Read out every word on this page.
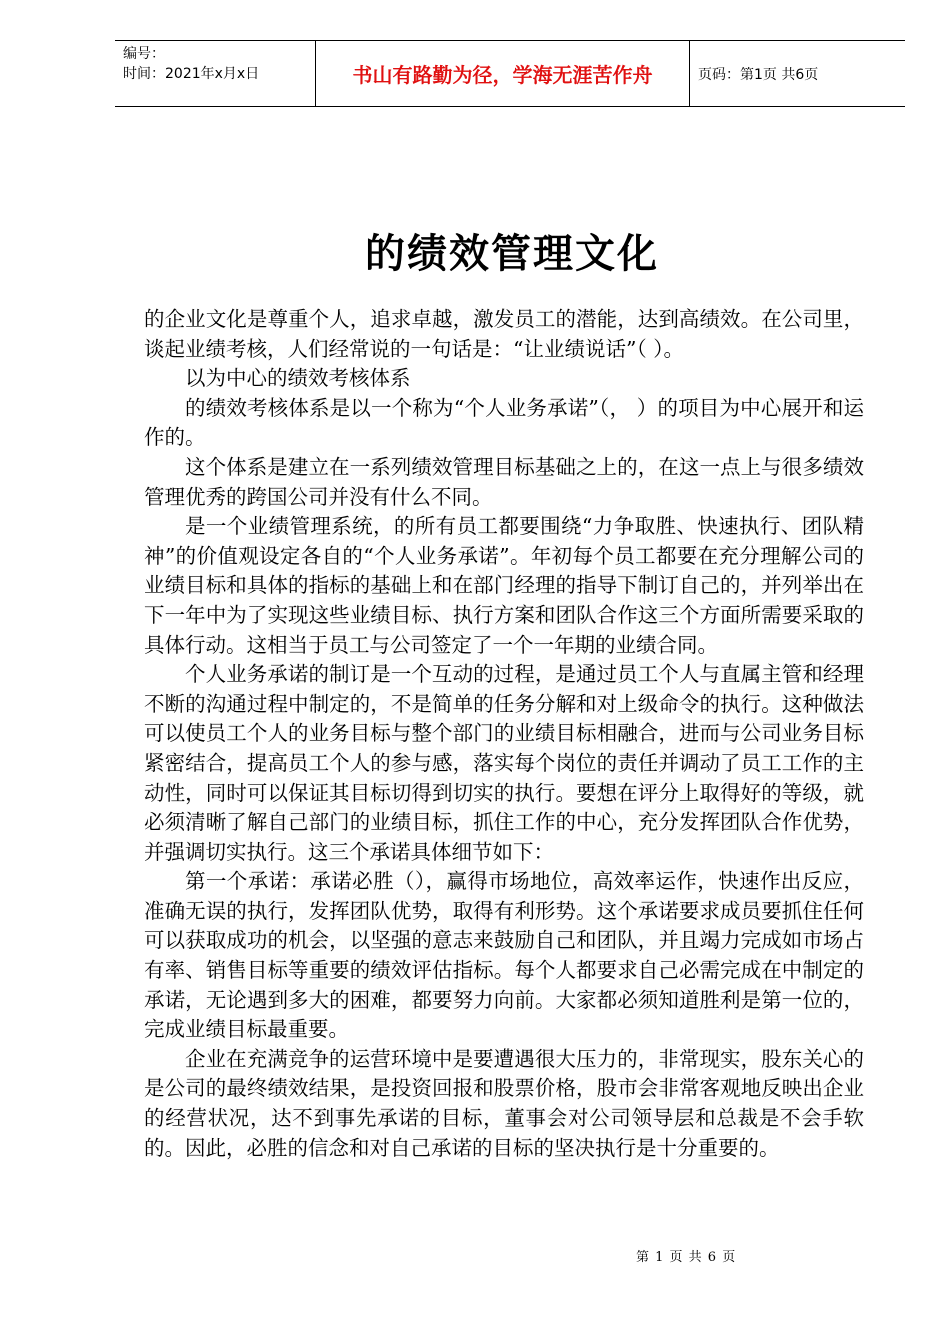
编号：
时间：2021年x月x日	书山有路勤为径，学海无涯苦作舟	页码：第1页 共6页
的绩效管理文化

的企业文化是尊重个人，追求卓越，激发员工的潜能，达到高绩效。在公司里，谈起业绩考核，人们经常说的一句话是：“让业绩说话”（ ）。

以为中心的绩效考核体系

的绩效考核体系是以一个称为“个人业务承诺”（， ）的项目为中心展开和运作的。

这个体系是建立在一系列绩效管理目标基础之上的，在这一点上与很多绩效管理优秀的跨国公司并没有什么不同。

是一个业绩管理系统，的所有员工都要围绕“力争取胜、快速执行、团队精神”的价值观设定各自的“个人业务承诺”。年初每个员工都要在充分理解公司的业绩目标和具体的指标的基础上和在部门经理的指导下制订自己的，并列举出在下一年中为了实现这些业绩目标、执行方案和团队合作这三个方面所需要采取的具体行动。这相当于员工与公司签定了一个一年期的业绩合同。

个人业务承诺的制订是一个互动的过程，是通过员工个人与直属主管和经理不断的沟通过程中制定的，不是简单的任务分解和对上级命令的执行。这种做法可以使员工个人的业务目标与整个部门的业绩目标相融合，进而与公司业务目标紧密结合，提高员工个人的参与感，落实每个岗位的责任并调动了员工工作的主动性，同时可以保证其目标切得到切实的执行。要想在评分上取得好的等级，就必须清晰了解自己部门的业绩目标，抓住工作的中心，充分发挥团队合作优势，并强调切实执行。这三个承诺具体细节如下：

第一个承诺：承诺必胜（），赢得市场地位，高效率运作，快速作出反应，准确无误的执行，发挥团队优势，取得有利形势。这个承诺要求成员要抓住任何可以获取成功的机会，以坚强的意志来鼓励自己和团队，并且竭力完成如市场占有率、销售目标等重要的绩效评估指标。每个人都要求自己必需完成在中制定的承诺，无论遇到多大的困难，都要努力向前。大家都必须知道胜利是第一位的，完成业绩目标最重要。

企业在充满竞争的运营环境中是要遭遇很大压力的，非常现实，股东关心的是公司的最终绩效结果，是投资回报和股票价格，股市会非常客观地反映出企业的经营状况，达不到事先承诺的目标，董事会对公司领导层和总裁是不会手软的。因此，必胜的信念和对自己承诺的目标的坚决执行是十分重要的。

第 1 页 共 6 页
